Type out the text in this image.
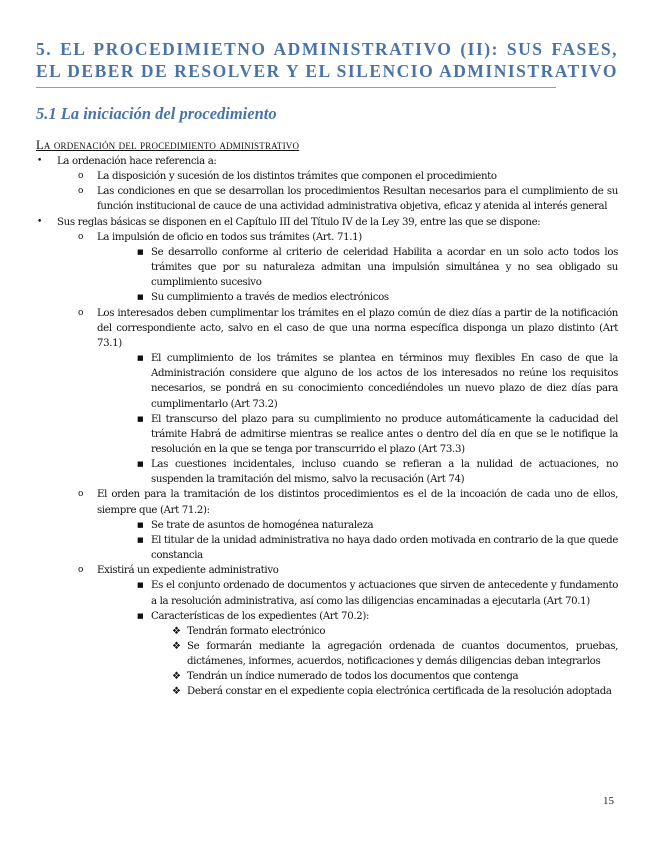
5. EL PROCEDIMIETNO ADMINISTRATIVO (II): SUS FASES, EL DEBER DE RESOLVER Y EL SILENCIO ADMINISTRATIVO
5.1 La iniciación del procedimiento
La ordenación del procedimiento administrativo
• La ordenación hace referencia a:
o La disposición y sucesión de los distintos trámites que componen el procedimiento
o Las condiciones en que se desarrollan los procedimientos Resultan necesarios para el cumplimiento de su función institucional de cauce de una actividad administrativa objetiva, eficaz y atenida al interés general
• Sus reglas básicas se disponen en el Capítulo III del Título IV de la Ley 39, entre las que se dispone:
o La impulsión de oficio en todos sus trámites (Art. 71.1)
■ Se desarrollo conforme al criterio de celeridad Habilita a acordar en un solo acto todos los trámites que por su naturaleza admitan una impulsión simultánea y no sea obligado su cumplimiento sucesivo
■ Su cumplimiento a través de medios electrónicos
o Los interesados deben cumplimentar los trámites en el plazo común de diez días a partir de la notificación del correspondiente acto, salvo en el caso de que una norma específica disponga un plazo distinto (Art 73.1)
■ El cumplimiento de los trámites se plantea en términos muy flexibles En caso de que la Administración considere que alguno de los actos de los interesados no reúne los requisitos necesarios, se pondrá en su conocimiento concediéndoles un nuevo plazo de diez días para cumplimentarlo (Art 73.2)
■ El transcurso del plazo para su cumplimiento no produce automáticamente la caducidad del trámite Habrá de admitirse mientras se realice antes o dentro del día en que se le notifique la resolución en la que se tenga por transcurrido el plazo (Art 73.3)
■ Las cuestiones incidentales, incluso cuando se refieran a la nulidad de actuaciones, no suspenden la tramitación del mismo, salvo la recusación (Art 74)
o El orden para la tramitación de los distintos procedimientos es el de la incoación de cada uno de ellos, siempre que (Art 71.2):
■ Se trate de asuntos de homogénea naturaleza
■ El titular de la unidad administrativa no haya dado orden motivada en contrario de la que quede constancia
o Existirá un expediente administrativo
■ Es el conjunto ordenado de documentos y actuaciones que sirven de antecedente y fundamento a la resolución administrativa, así como las diligencias encaminadas a ejecutarla (Art 70.1)
■ Características de los expedientes (Art 70.2):
❖ Tendrán formato electrónico
❖ Se formarán mediante la agregación ordenada de cuantos documentos, pruebas, dictámenes, informes, acuerdos, notificaciones y demás diligencias deban integrarlos
❖ Tendrán un índice numerado de todos los documentos que contenga
❖ Deberá constar en el expediente copia electrónica certificada de la resolución adoptada
15
